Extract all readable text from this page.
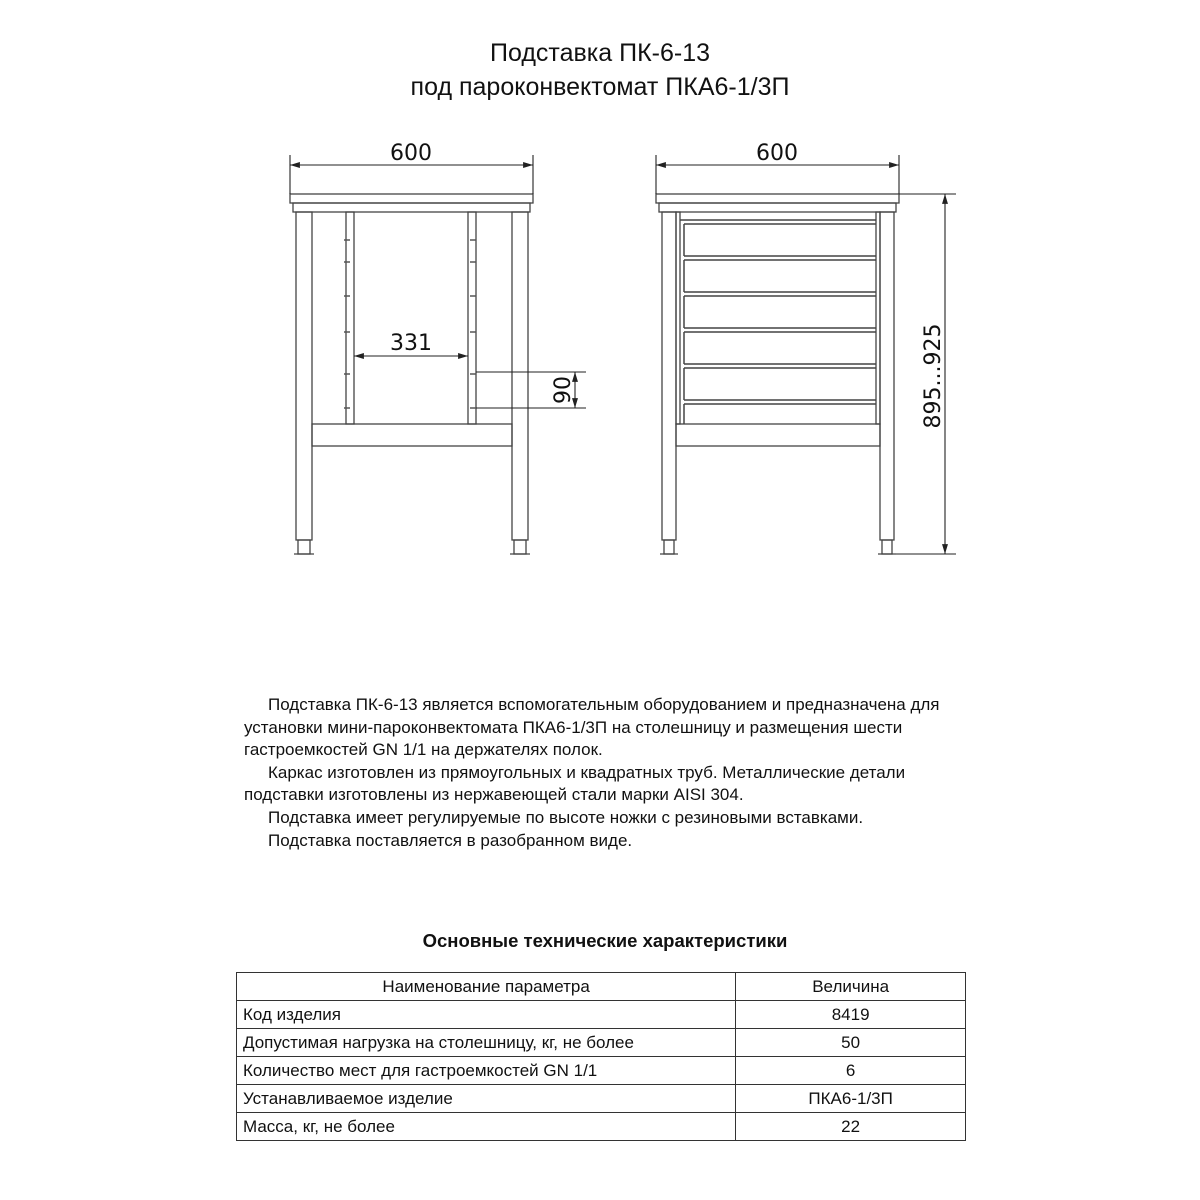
Подставка ПК-6-13
под пароконвектомат ПКА6-1/3П
600
331
90
600
895...925

Подставка ПК-6-13 является вспомогательным оборудованием и предназначена для установки мини-пароконвектомата ПКА6-1/3П на столешницу и размещения шести гастроемкостей GN 1/1 на держателях полок.

Каркас изготовлен из прямоугольных и квадратных труб. Металлические детали подставки изготовлены из нержавеющей стали марки AISI 304.

Подставка имеет регулируемые по высоте ножки с резиновыми вставками.

Подставка поставляется в разобранном виде.

Основные технические характеристики
Наименование параметра	Величина
Код изделия	8419
Допустимая нагрузка на столешницу, кг, не более	50
Количество мест для гастроемкостей GN 1/1	6
Устанавливаемое изделие	ПКА6-1/3П
Масса, кг, не более	22
